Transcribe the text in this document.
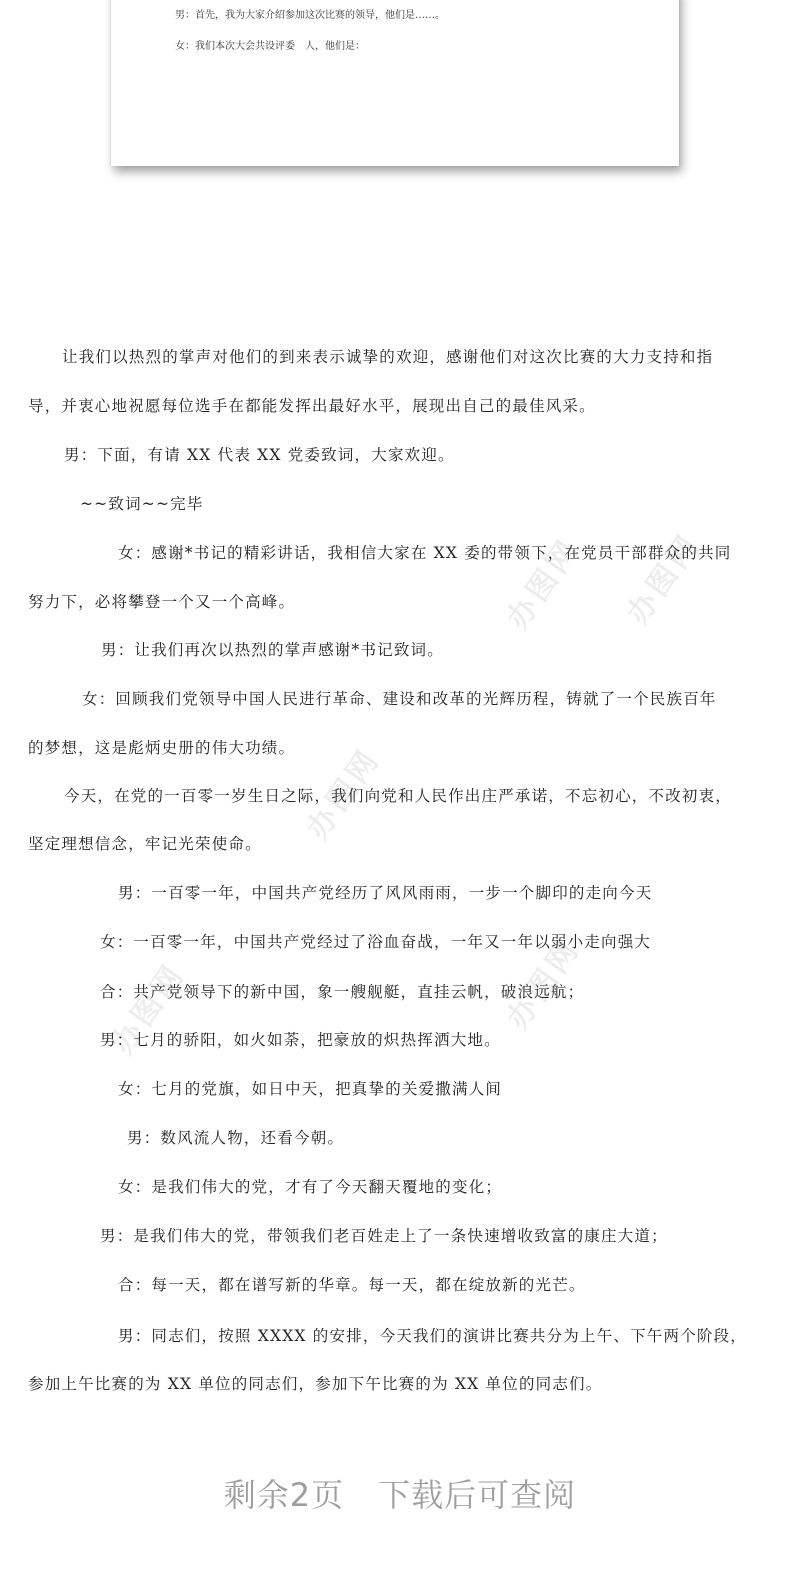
男：首先，我为大家介绍参加这次比赛的领导，他们是……。
女：我们本次大会共设评委　人，他们是：
办图网 办图网
办图网
办图网
办图网
让我们以热烈的掌声对他们的到来表示诚挚的欢迎，感谢他们对这次比赛的大力支持和指
导，并衷心地祝愿每位选手在都能发挥出最好水平，展现出自己的最佳风采。
男：下面，有请 XX 代表 XX 党委致词，大家欢迎。
~~致词~~完毕
女：感谢*书记的精彩讲话，我相信大家在 XX 委的带领下，在党员干部群众的共同
努力下，必将攀登一个又一个高峰。
男：让我们再次以热烈的掌声感谢*书记致词。
女：回顾我们党领导中国人民进行革命、建设和改革的光辉历程，铸就了一个民族百年
的梦想，这是彪炳史册的伟大功绩。
今天，在党的一百零一岁生日之际，我们向党和人民作出庄严承诺，不忘初心，不改初衷，
坚定理想信念，牢记光荣使命。
男：一百零一年，中国共产党经历了风风雨雨，一步一个脚印的走向今天
女：一百零一年，中国共产党经过了浴血奋战，一年又一年以弱小走向强大
合：共产党领导下的新中国，象一艘舰艇，直挂云帆，破浪远航；
男：七月的骄阳，如火如荼，把豪放的炽热挥洒大地。
女：七月的党旗，如日中天，把真挚的关爱撒满人间
男：数风流人物，还看今朝。
女：是我们伟大的党，才有了今天翻天覆地的变化；
男：是我们伟大的党，带领我们老百姓走上了一条快速增收致富的康庄大道；
合：每一天，都在谱写新的华章。每一天，都在绽放新的光芒。
男：同志们，按照 XXXX 的安排，今天我们的演讲比赛共分为上午、下午两个阶段，
参加上午比赛的为 XX 单位的同志们，参加下午比赛的为 XX 单位的同志们。
剩余2页 下载后可查阅
